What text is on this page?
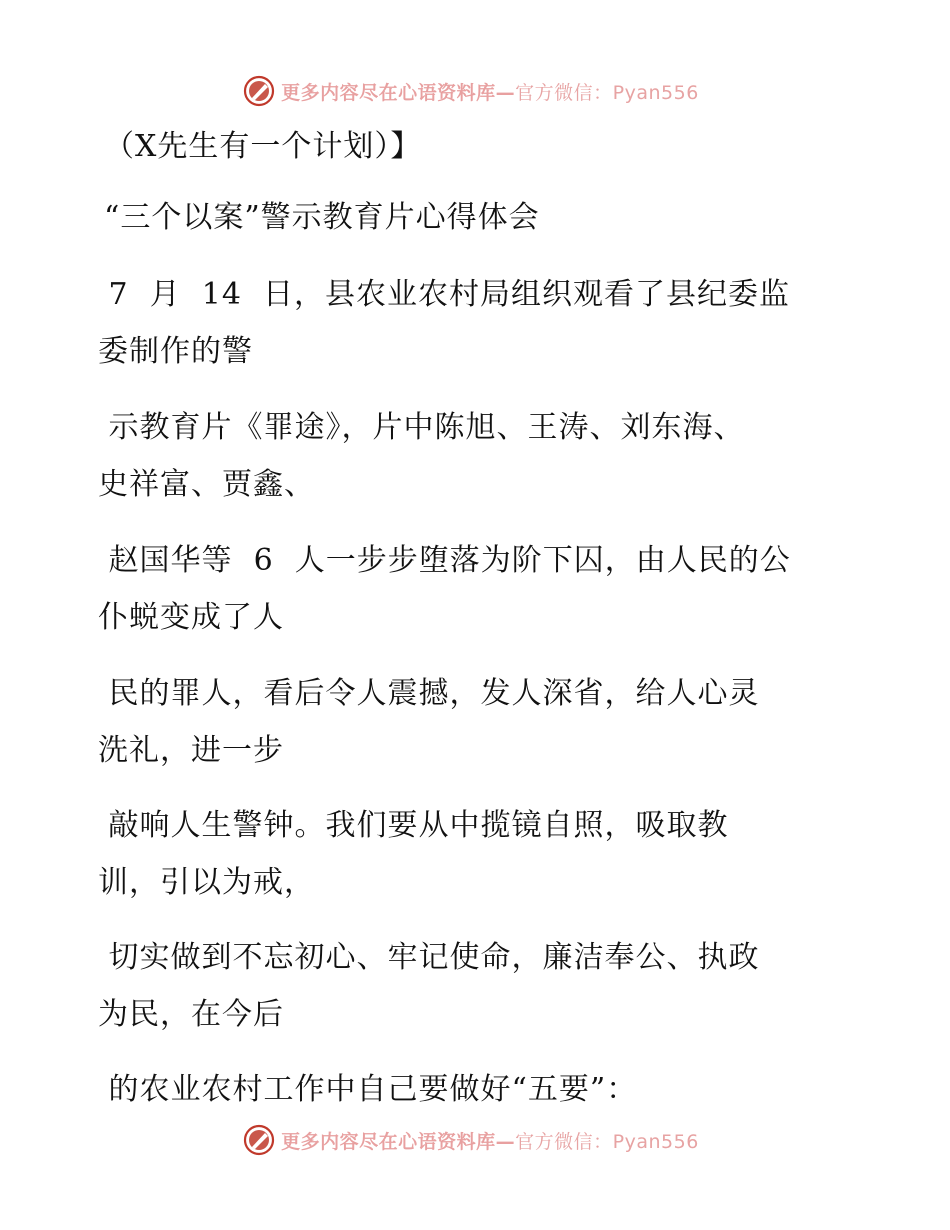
更多内容尽在心语资料库—官方微信：Pyan556
（X先生有一个计划）】
“三个以案”警示教育片心得体会
7  月  14  日，县农业农村局组织观看了县纪委监
委制作的警
示教育片《罪途》，片中陈旭、王涛、刘东海、
史祥富、贾鑫、
赵国华等  6  人一步步堕落为阶下囚，由人民的公
仆蜕变成了人
民的罪人，看后令人震撼，发人深省，给人心灵
洗礼，进一步
敲响人生警钟。我们要从中揽镜自照，吸取教
训，引以为戒，
切实做到不忘初心、牢记使命，廉洁奉公、执政
为民，在今后
的农业农村工作中自己要做好“五要”：
更多内容尽在心语资料库—官方微信：Pyan556
